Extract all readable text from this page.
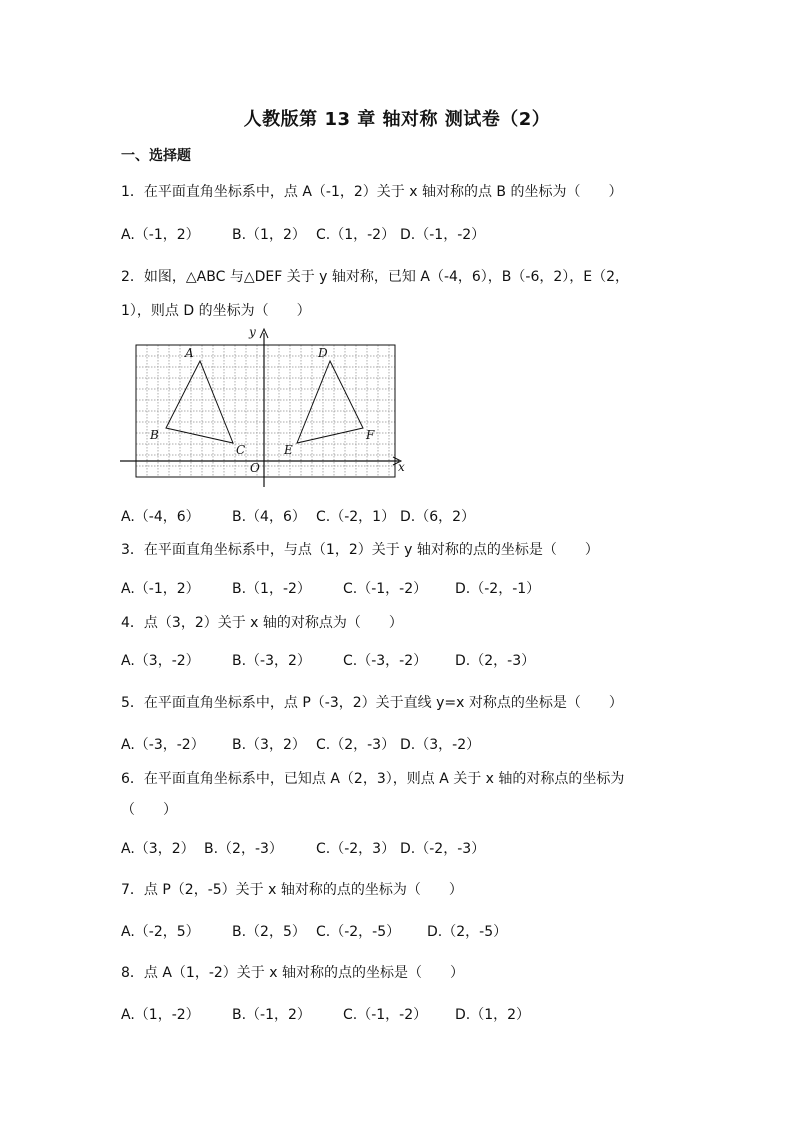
人教版第 13 章 轴对称 测试卷（2）
一、选择题
1．在平面直角坐标系中，点 A（-1，2）关于 x 轴对称的点 B 的坐标为（　　）
A.（-1，2） B.（1，2） C.（1，-2） D.（-1，-2）
2．如图，△ABC 与△DEF 关于 y 轴对称，已知 A（-4，6），B（-6，2），E（2，
1），则点 D 的坐标为（　　）
A
B
C
D
E
F
O	x
y
A.（-4，6） B.（4，6） C.（-2，1） D.（6，2）
3．在平面直角坐标系中，与点（1，2）关于 y 轴对称的点的坐标是（　　）
A.（-1，2） B.（1，-2） C.（-1，-2） D.（-2，-1）
4．点（3，2）关于 x 轴的对称点为（　　）
A.（3，-2） B.（-3，2） C.（-3，-2） D.（2，-3）
5．在平面直角坐标系中，点 P（-3，2）关于直线 y=x 对称点的坐标是（　　）
A.（-3，-2） B.（3，2） C.（2，-3） D.（3，-2）
6．在平面直角坐标系中，已知点 A（2，3），则点 A 关于 x 轴的对称点的坐标为
（　　）
A.（3，2） B.（2，-3） C.（-2，3） D.（-2，-3）
7．点 P（2，-5）关于 x 轴对称的点的坐标为（　　）
A.（-2，5） B.（2，5） C.（-2，-5） D.（2，-5）
8．点 A（1，-2）关于 x 轴对称的点的坐标是（　　）
A.（1，-2） B.（-1，2） C.（-1，-2） D.（1，2）
